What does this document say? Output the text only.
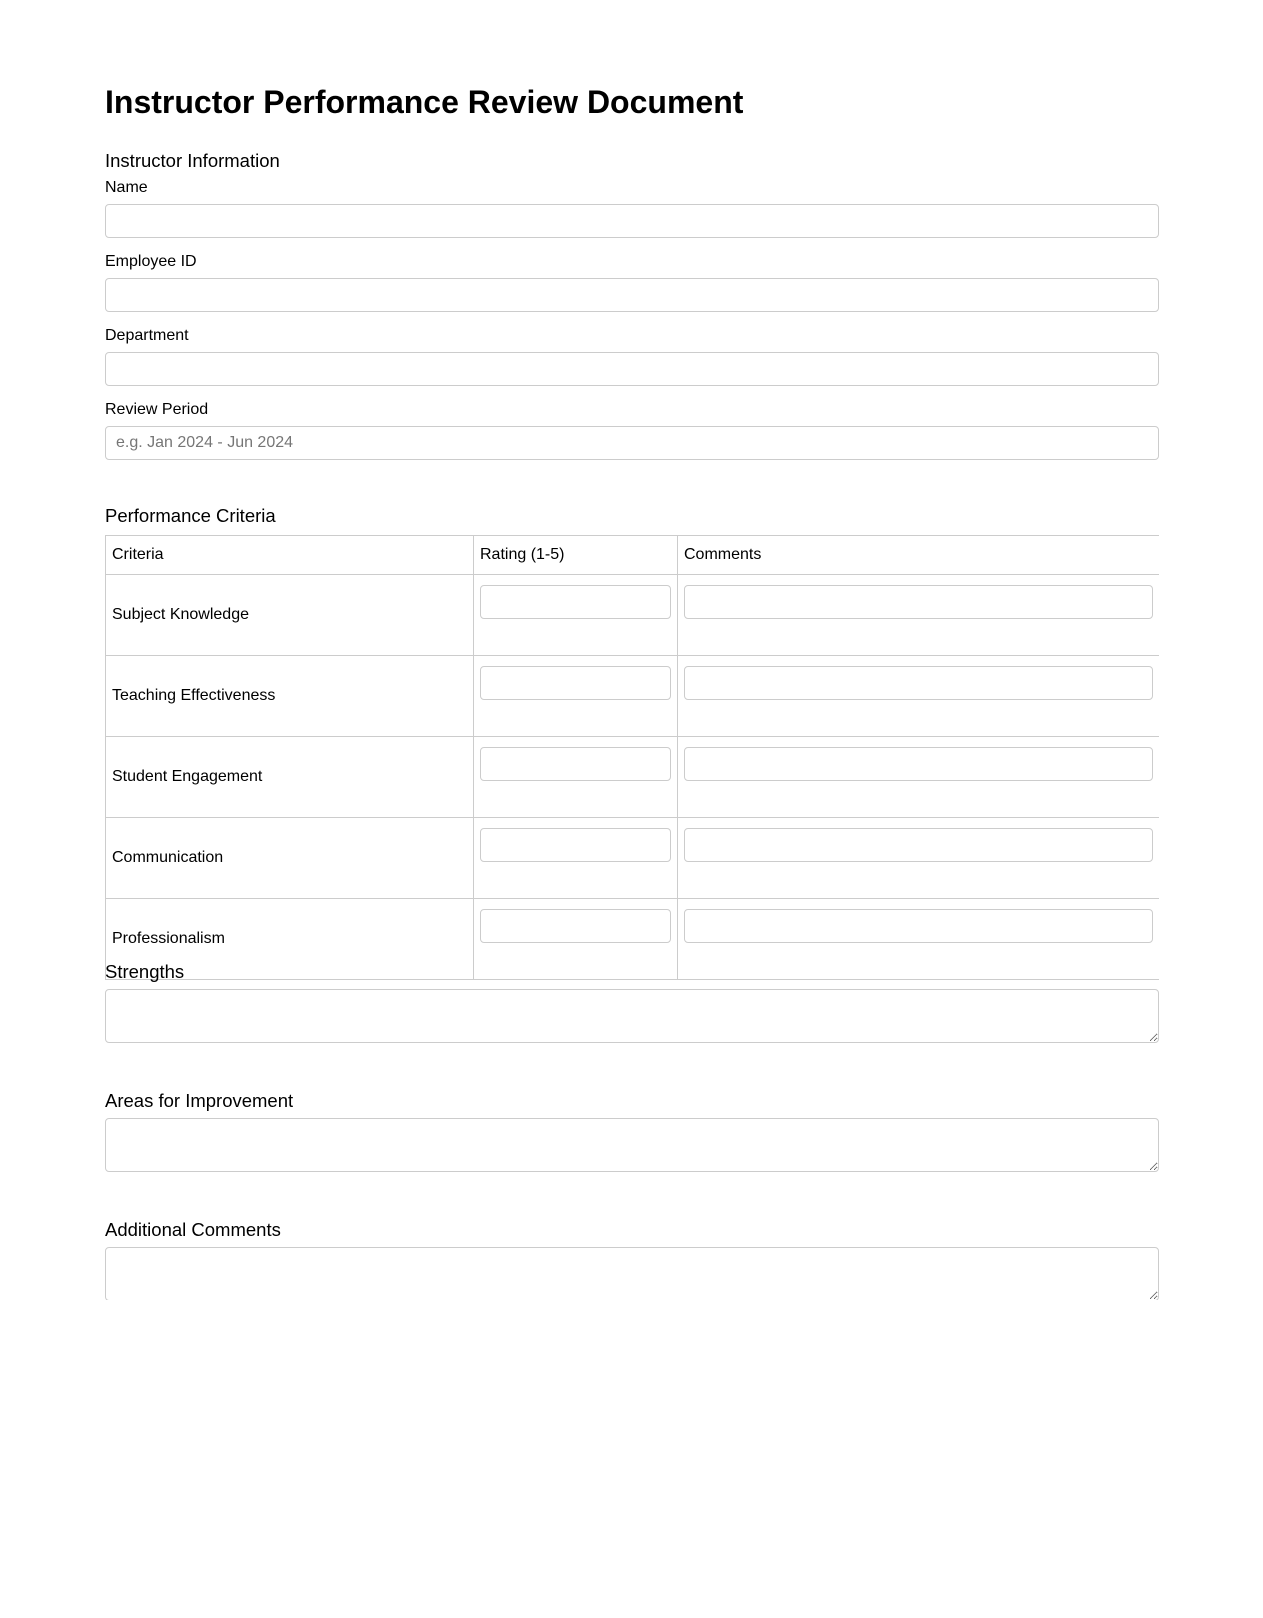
Instructor Performance Review Document
Instructor Information
Name
Employee ID
Department
Review Period
e.g. Jan 2024 - Jun 2024
Performance Criteria
Criteria	Rating (1-5)	Comments
Subject Knowledge	

Teaching Effectiveness	

Student Engagement	

Communication	

Professionalism	

Strengths
Areas for Improvement
Additional Comments
